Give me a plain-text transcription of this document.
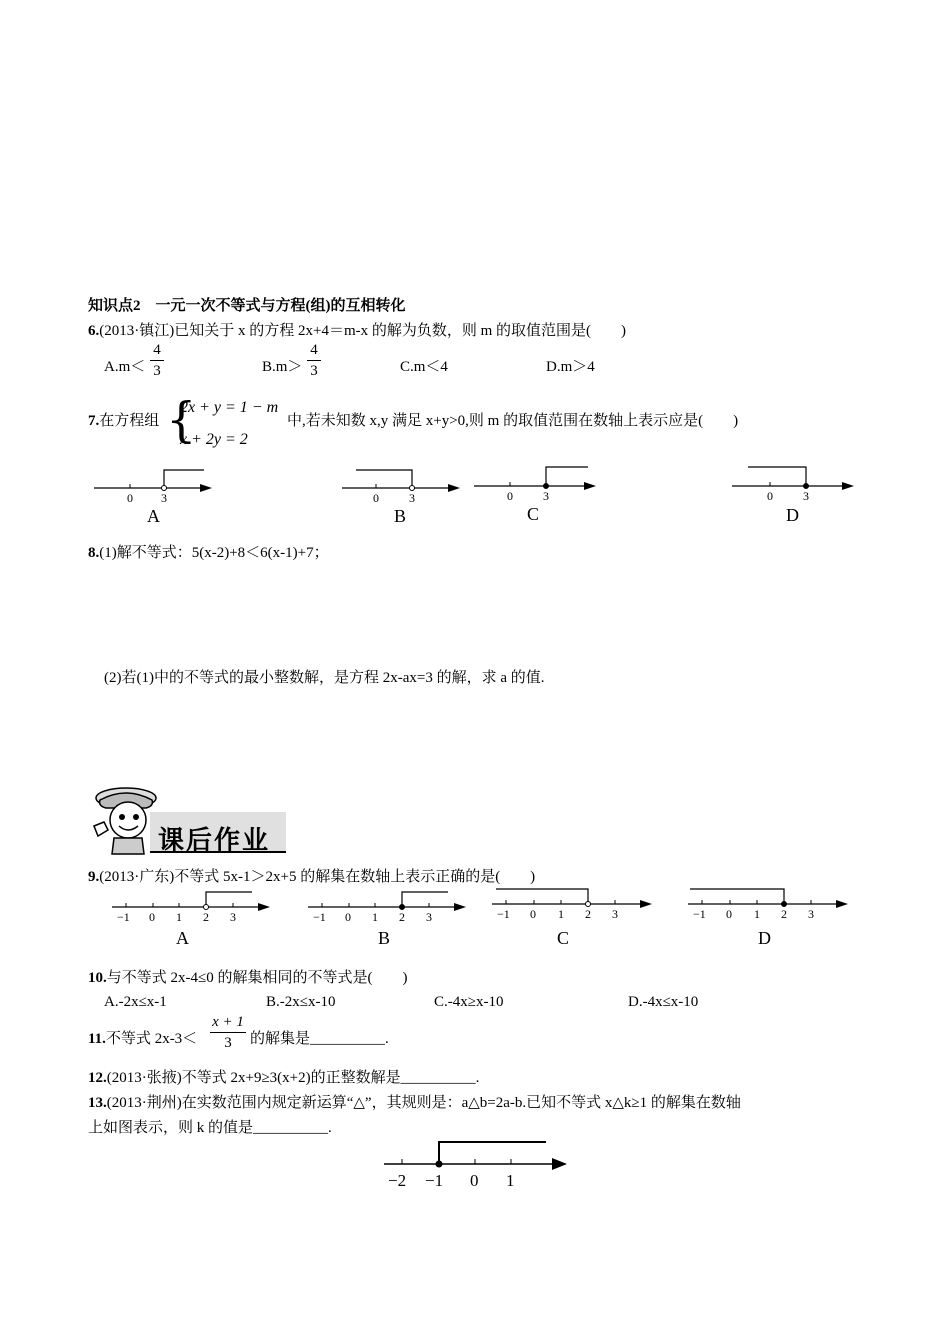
知识点2　一元一次不等式与方程(组)的互相转化
6.(2013·镇江)已知关于 x 的方程 2x+4＝m-x 的解为负数，则 m 的取值范围是(　　)
A.m＜
4
3	B.m＞
4
3	C.m＜4	D.m＞4
7.在方程组 {
2x + y = 1 − m
x + 2y = 2
中,若未知数 x,y 满足 x+y>0,则 m 的取值范围在数轴上表示应是(　　)
0 3
A
0	3
B
0	3
C
0	3
D
8.(1)解不等式：5(x-2)+8＜6(x-1)+7；
(2)若(1)中的不等式的最小整数解，是方程 2x-ax=3 的解，求 a 的值.
课后作业
9.(2013·广东)不等式 5x-1＞2x+5 的解集在数轴上表示正确的是(　　)
−1 0 1 2 3
A
−1 0 1 2 3
B
−1 0 1 2 3
C
−1 0 1 2 3
D
10.与不等式 2x-4≤0 的解集相同的不等式是(　　)
A.-2x≤x-1	B.-2x≤x-10	C.-4x≥x-10	D.-4x≤x-10
11.不等式 2x-3＜
x + 1
3	的解集是__________.
12.(2013·张掖)不等式 2x+9≥3(x+2)的正整数解是__________.
13.(2013·荆州)在实数范围内规定新运算“△”，其规则是：a△b=2a-b.已知不等式 x△k≥1 的解集在数轴
上如图表示，则 k 的值是__________.
−2 −1 0 1
